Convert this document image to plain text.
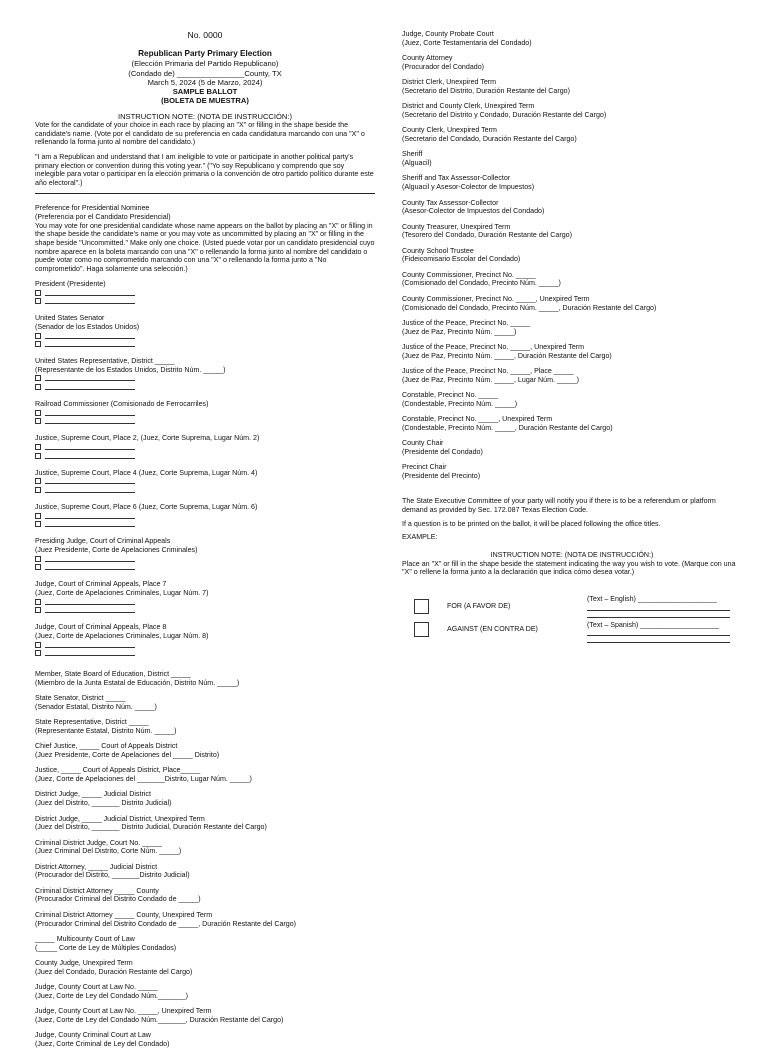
No. 0000
Republican Party Primary Election
(Elección Primaria del Partido Republicano)
(Condado de) ________________County, TX
March 5, 2024 (5 de Marzo, 2024)
SAMPLE BALLOT
(BOLETA DE MUESTRA)
INSTRUCTION NOTE: (NOTA DE INSTRUCCIÓN:)
Vote for the candidate of your choice in each race by placing an "X" or filling in the shape beside the candidate's name. (Vote por el candidato de su preferencia en cada candidatura marcando con una "X" o rellenando la forma junto al nombre del candidato.)
"I am a Republican and understand that I am ineligible to vote or participate in another political party's primary election or convention during this voting year." ("Yo soy Republicano y comprendo que soy inelegible para votar o participar en la elección primaria o la convención de otro partido político durante este año electoral".)
Preference for Presidential Nominee
(Preferencia por el Candidato Presidencial)
You may vote for one presidential candidate whose name appears on the ballot by placing an "X" or filling in the shape beside the candidate's name or you may vote as uncommitted by placing an "X" or filling in the shape beside "Uncommitted." Make only one choice. (Usted puede votar por un candidato presidencial cuyo nombre aparece en la boleta marcando con una "X" o rellenando la forma junto al nombre del candidato o puede votar como no comprometido marcando con una "X" o rellenando la forma junto a "No comprometido". Haga solamente una selección.)
President (Presidente)
United States Senator
(Senador de los Estados Unidos)
United States Representative, District _____
(Representante de los Estados Unidos, Distrito Núm. _____)
Railroad Commissioner (Comisionado de Ferrocarriles)
Justice, Supreme Court, Place 2, (Juez, Corte Suprema, Lugar Núm. 2)
Justice, Supreme Court, Place 4 (Juez, Corte Suprema, Lugar Núm. 4)
Justice, Supreme Court, Place 6 (Juez, Corte Suprema, Lugar Núm. 6)
Presiding Judge, Court of Criminal Appeals
(Juez Presidente, Corte de Apelaciones Criminales)
Judge, Court of Criminal Appeals, Place 7
(Juez, Corte de Apelaciones Criminales, Lugar Núm. 7)
Judge, Court of Criminal Appeals, Place 8
(Juez, Corte de Apelaciones Criminales, Lugar Núm. 8)
Member, State Board of Education, District _____
(Miembro de la Junta Estatal de Educación, Distrito Núm. _____)
State Senator, District _____
(Senador Estatal, Distrito Núm. _____)
State Representative, District _____
(Representante Estatal, Distrito Núm. _____)
Chief Justice, _____ Court of Appeals District
(Juez Presidente, Corte de Apelaciones del _____ Distrito)
Justice, _____ Court of Appeals District, Place_____
(Juez, Corte de Apelaciones del _______Distrito, Lugar Núm. _____)
District Judge, _____ Judicial District
(Juez del Distrito, _______ Distrito Judicial)
District Judge, _____ Judicial District, Unexpired Term
(Juez del Distrito, _______ Distrito Judicial, Duración Restante del Cargo)
Criminal District Judge, Court No. _____
(Juez Criminal Del Distrito, Corte Núm. _____)
District Attorney, _____ Judicial District
(Procurador del Distrito, _______Distrito Judicial)
Criminal District Attorney _____ County
(Procurador Criminal del Distrito Condado de _____)
Criminal District Attorney _____ County, Unexpired Term
(Procurador Criminal del Distrito Condado de _____, Duración Restante del Cargo)
_____ Multicounty Court of Law
(_____ Corte de Ley de Múltiples Condados)
County Judge, Unexpired Term
(Juez del Condado, Duración Restante del Cargo)
Judge, County Court at Law No. _____
(Juez, Corte de Ley del Condado Núm._______)
Judge, County Court at Law No. _____, Unexpired Term
(Juez, Corte de Ley del Condado Núm._______, Duración Restante del Cargo)
Judge, County Criminal Court at Law
(Juez, Corte Criminal de Ley del Condado)
Judge, County Probate Court
(Juez, Corte Testamentaria del Condado)
County Attorney
(Procurador del Condado)
District Clerk, Unexpired Term
(Secretario del Distrito, Duración Restante del Cargo)
District and County Clerk, Unexpired Term
(Secretario del Distrito y Condado, Duración Restante del Cargo)
County Clerk, Unexpired Term
(Secretario del Condado, Duración Restante del Cargo)
Sheriff
(Alguacil)
Sheriff and Tax Assessor-Collector
(Alguacil y Asesor-Colector de Impuestos)
County Tax Assessor-Collector
(Asesor-Colector de Impuestos del Condado)
County Treasurer, Unexpired Term
(Tesorero del Condado, Duración Restante del Cargo)
County School Trustee
(Fideicomisario Escolar del Condado)
County Commissioner, Precinct No. _____
(Comisionado del Condado, Precinto Núm. _____)
County Commissioner, Precinct No. _____, Unexpired Term
(Comisionado del Condado, Precinto Núm. _____, Duración Restante del Cargo)
Justice of the Peace, Precinct No. _____
(Juez de Paz, Precinto Núm. _____)
Justice of the Peace, Precinct No. _____, Unexpired Term
(Juez de Paz, Precinto Núm. _____, Duración Restante del Cargo)
Justice of the Peace, Precinct No. _____, Place _____
(Juez de Paz, Precinto Núm. _____, Lugar Núm. _____)
Constable, Precinct No. _____
(Condestable, Precinto Núm. _____)
Constable, Precinct No. _____, Unexpired Term
(Condestable, Precinto Núm. _____, Duración Restante del Cargo)
County Chair
(Presidente del Condado)
Precinct Chair
(Presidente del Precinto)
The State Executive Committee of your party will notify you if there is to be a referendum or platform demand as provided by Sec. 172.087 Texas Election Code.
If a question is to be printed on the ballot, it will be placed following the office titles.
EXAMPLE:
INSTRUCTION NOTE: (NOTA DE INSTRUCCIÓN:)
Place an "X" or fill in the shape beside the statement indicating the way you wish to vote. (Marque con una "X" o rellene la forma junto a la declaración que indica cómo desea votar.)
FOR (A FAVOR DE)
AGAINST (EN CONTRA DE)
(Text – English) ____________________
(Text – Spanish) ____________________
